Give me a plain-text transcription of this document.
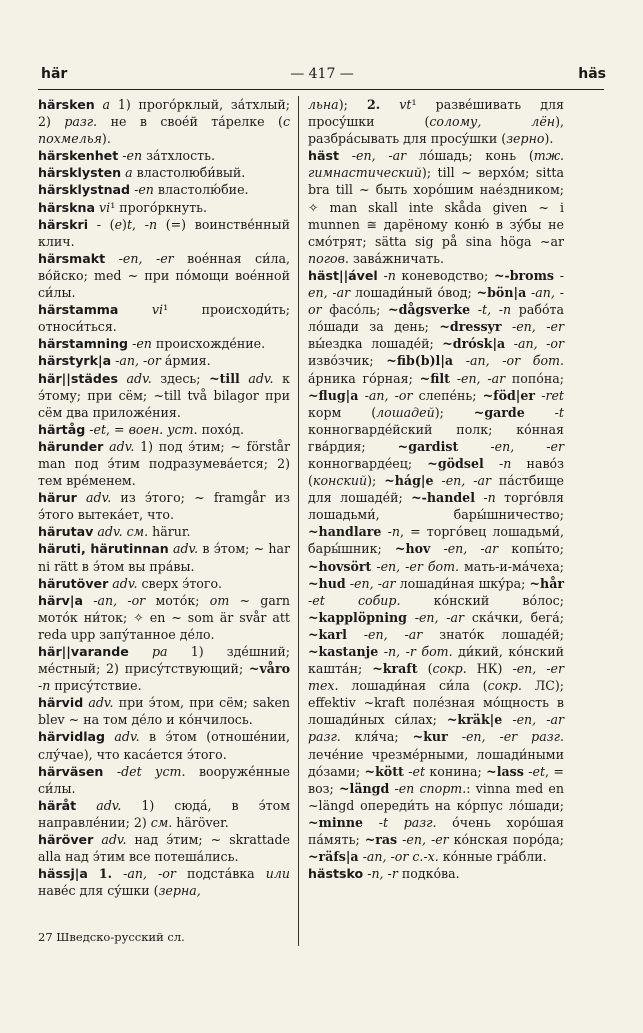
här	— 417 —	häs

härsken a 1) прого́рклый, за́тхлый; 2) разг. не в свое́й та́релке (с похмелья).

härskenhet -en за́тхлость.

härsklysten a властолюби́вый.

härsklystnad -en властолю́бие.

härskna vi¹ прого́ркнуть.

härskri - (e)t, -n (=) воинстве́нный клич.

härsmakt -en, -er вое́нная си́ла, во́йско; med ~ при по́мощи вое́нной си́лы.

härstamma	vi¹ происходи́ть; относи́ться.

härstamning -en происхожде́ние.

härstyrk|a -an, -or а́рмия.

här||städes adv. здесь; ~till adv. к э́тому; при сём; ~till två bilagor при сём два приложе́ния.

härtåg -et, = воен. уст. похо́д.

härunder adv. 1) под э́тим; ~ förstår man под э́тим подразумева́ется; 2) тем вре́менем.

härur adv. из э́того; ~ framgår из э́того вытека́ет, что.

härutav adv. см. härur.

häruti, härutinnan adv. в э́том; ~ har ni rätt в э́том вы пра́вы.

härutöver adv. сверх э́того.

härv|a -an, -or мото́к; от ~ garn мото́к ни́ток; ✧ en ~ som är svår att reda upp запу́танное де́ло.

här||varande pa 1) зде́шний; ме́стный; 2) прису́тствующий; ~våro -n прису́тствие.

härvid adv. при э́том, при сём; saken blev ~ на том де́ло и ко́нчилось.

härvidlag adv. в э́том (отноше́нии, слу́чае), что каса́ется э́того.

härväsen -det уст. вооруже́нные си́лы.

häråt adv. 1) сюда́, в э́том направле́нии; 2) см. häröver.

häröver adv. над э́тим; ~ skrattade alla над э́тим все потеша́лись.

hässj|a 1. -an, -or подста́вка или наве́с для су́шки (зерна,

льна); 2. vt¹ разве́шивать для просу́шки (солому, лён), разбра́сывать для просу́шки (зерно).

häst -en, -ar ло́шадь; конь (тж. гимнастический); till ~ верхо́м; sitta bra till ~ быть хоро́шим нае́здником; ✧ man skall inte skåda given ~ i munnen ≅ дарёному коню́ в зу́бы не смо́трят; sätta sig på sina höga ~ar погов. зава́жничать.

häst||ável -n коневодство; ~-broms -en, -ar лошади́ный о́вод; ~bön|a -an, -or фасо́ль; ~dågsverke -t, -n рабо́та ло́шади за день; ~dressyr -en, -er вы́ездка лошаде́й; ~drósk|a -an, -or изво́зчик; ~fib(b)l|a -an, -or бот. а́рника го́рная; ~filt -en, -ar попо́на; ~flug|a -an, -or слепе́нь; ~föd|er -ret корм (лошадей); ~garde -t конногварде́йский полк; ко́нная гва́рдия; ~gardist	-en, -er конногварде́ец; ~gödsel -n наво́з (конский); ~hág|e -en, -ar па́стбище для лошаде́й; ~-handel -n торго́вля лошадьми́, бары́шничество; ~handlare -n, = торго́вец лошадьми́, бары́шник; ~hov -en, -ar копы́то; ~hovsört -en, -er бот. мать-и-ма́чеха; ~hud -en, -ar лошади́ная шку́ра; ~hår -et собир. ко́нский во́лос; ~kapplöpning -en, -ar ска́чки, бега́; ~karl -en, -ar знато́к лошаде́й; ~kastanje -n, -r бот. ди́кий, ко́нский кашта́н; ~kraft (сокр. НК) -en, -er тех. лошади́ная си́ла (сокр. ЛС); effektiv ~kraft поле́зная мо́щность в лошади́ных си́лах; ~kräk|e -en, -ar разг. кля́ча; ~kur -en, -er разг. лече́ние чрезме́рными, лошади́ными до́зами; ~kött -et конина; ~lass -et, = воз; ~längd -en спорт.: vinna med en ~längd опереди́ть на ко́рпус ло́шади; ~minne -t разг. о́чень хоро́шая па́мять; ~ras -en, -er ко́нская поро́да; ~räfs|a -an, -or с.-х. ко́нные гра́бли.

hästsko -n, -r подко́ва.

27 Шведско-русский сл.
